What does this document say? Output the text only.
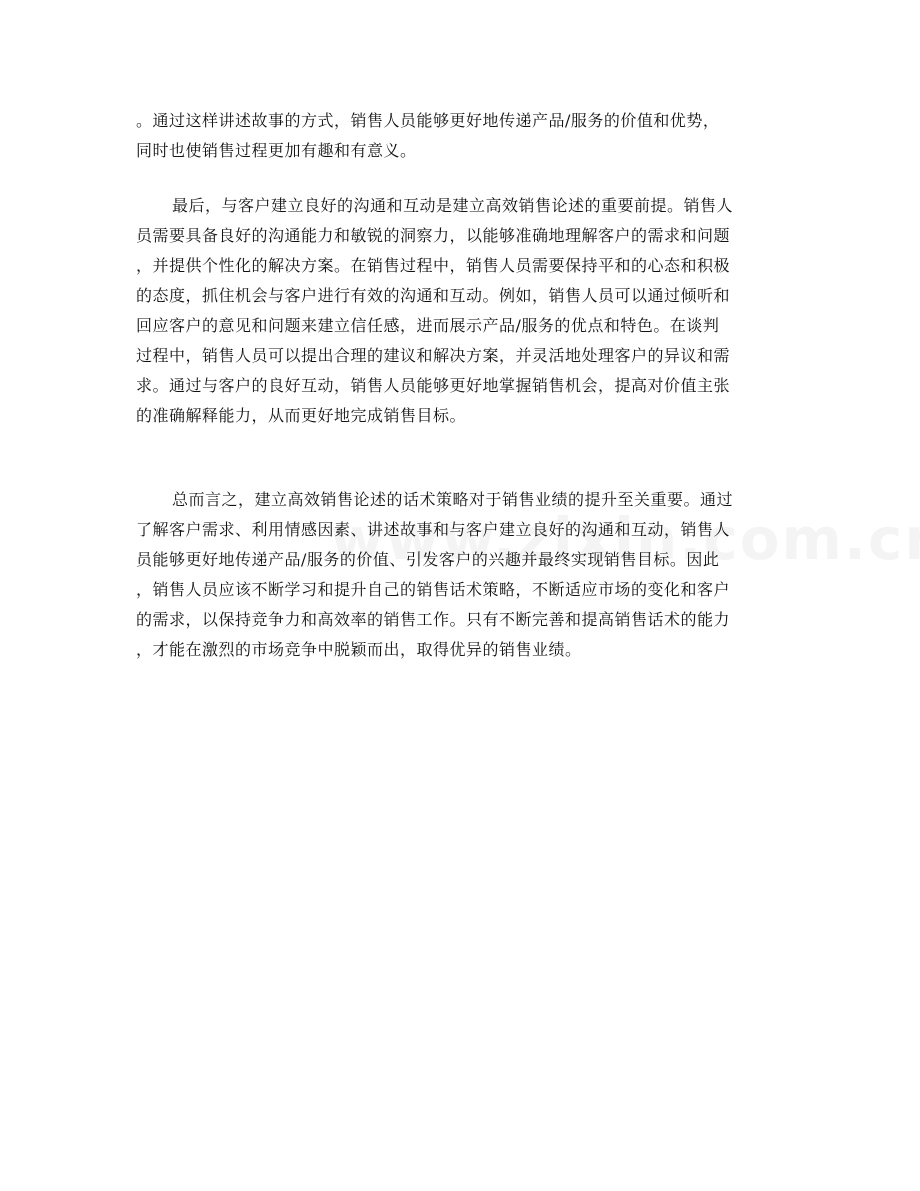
。通过这样讲述故事的方式，销售人员能够更好地传递产品/服务的价值和优势，
同时也使销售过程更加有趣和有意义。
最后，与客户建立良好的沟通和互动是建立高效销售论述的重要前提。销售人
员需要具备良好的沟通能力和敏锐的洞察力，以能够准确地理解客户的需求和问题
，并提供个性化的解决方案。在销售过程中，销售人员需要保持平和的心态和积极
的态度，抓住机会与客户进行有效的沟通和互动。例如，销售人员可以通过倾听和
回应客户的意见和问题来建立信任感，进而展示产品/服务的优点和特色。在谈判
过程中，销售人员可以提出合理的建议和解决方案，并灵活地处理客户的异议和需
求。通过与客户的良好互动，销售人员能够更好地掌握销售机会，提高对价值主张
的准确解释能力，从而更好地完成销售目标。
总而言之，建立高效销售论述的话术策略对于销售业绩的提升至关重要。通过
了解客户需求、利用情感因素、讲述故事和与客户建立良好的沟通和互动，销售人
员能够更好地传递产品/服务的价值、引发客户的兴趣并最终实现销售目标。因此
，销售人员应该不断学习和提升自己的销售话术策略，不断适应市场的变化和客户
的需求，以保持竞争力和高效率的销售工作。只有不断完善和提高销售话术的能力
，才能在激烈的市场竞争中脱颖而出，取得优异的销售业绩。
